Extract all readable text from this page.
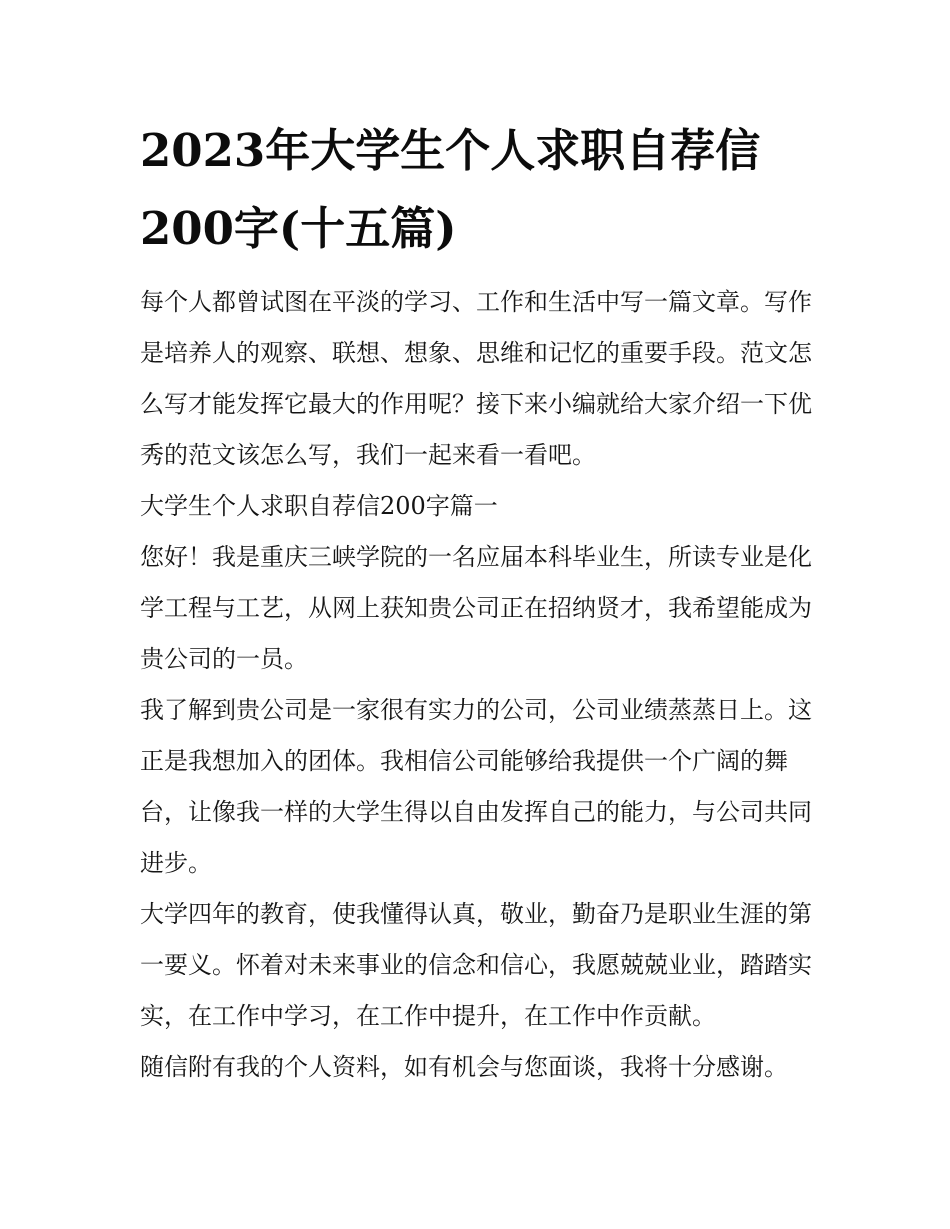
2023年大学生个人求职自荐信
200字(十五篇)

每个人都曾试图在平淡的学习、工作和生活中写一篇文章。写作是培养人的观察、联想、想象、思维和记忆的重要手段。范文怎么写才能发挥它最大的作用呢？接下来小编就给大家介绍一下优秀的范文该怎么写，我们一起来看一看吧。

大学生个人求职自荐信200字篇一

您好！我是重庆三峡学院的一名应届本科毕业生，所读专业是化学工程与工艺，从网上获知贵公司正在招纳贤才，我希望能成为贵公司的一员。

我了解到贵公司是一家很有实力的公司，公司业绩蒸蒸日上。这正是我想加入的团体。我相信公司能够给我提供一个广阔的舞台，让像我一样的大学生得以自由发挥自己的能力，与公司共同进步。

大学四年的教育，使我懂得认真，敬业，勤奋乃是职业生涯的第一要义。怀着对未来事业的信念和信心，我愿兢兢业业，踏踏实实，在工作中学习，在工作中提升，在工作中作贡献。

随信附有我的个人资料，如有机会与您面谈，我将十分感谢。
